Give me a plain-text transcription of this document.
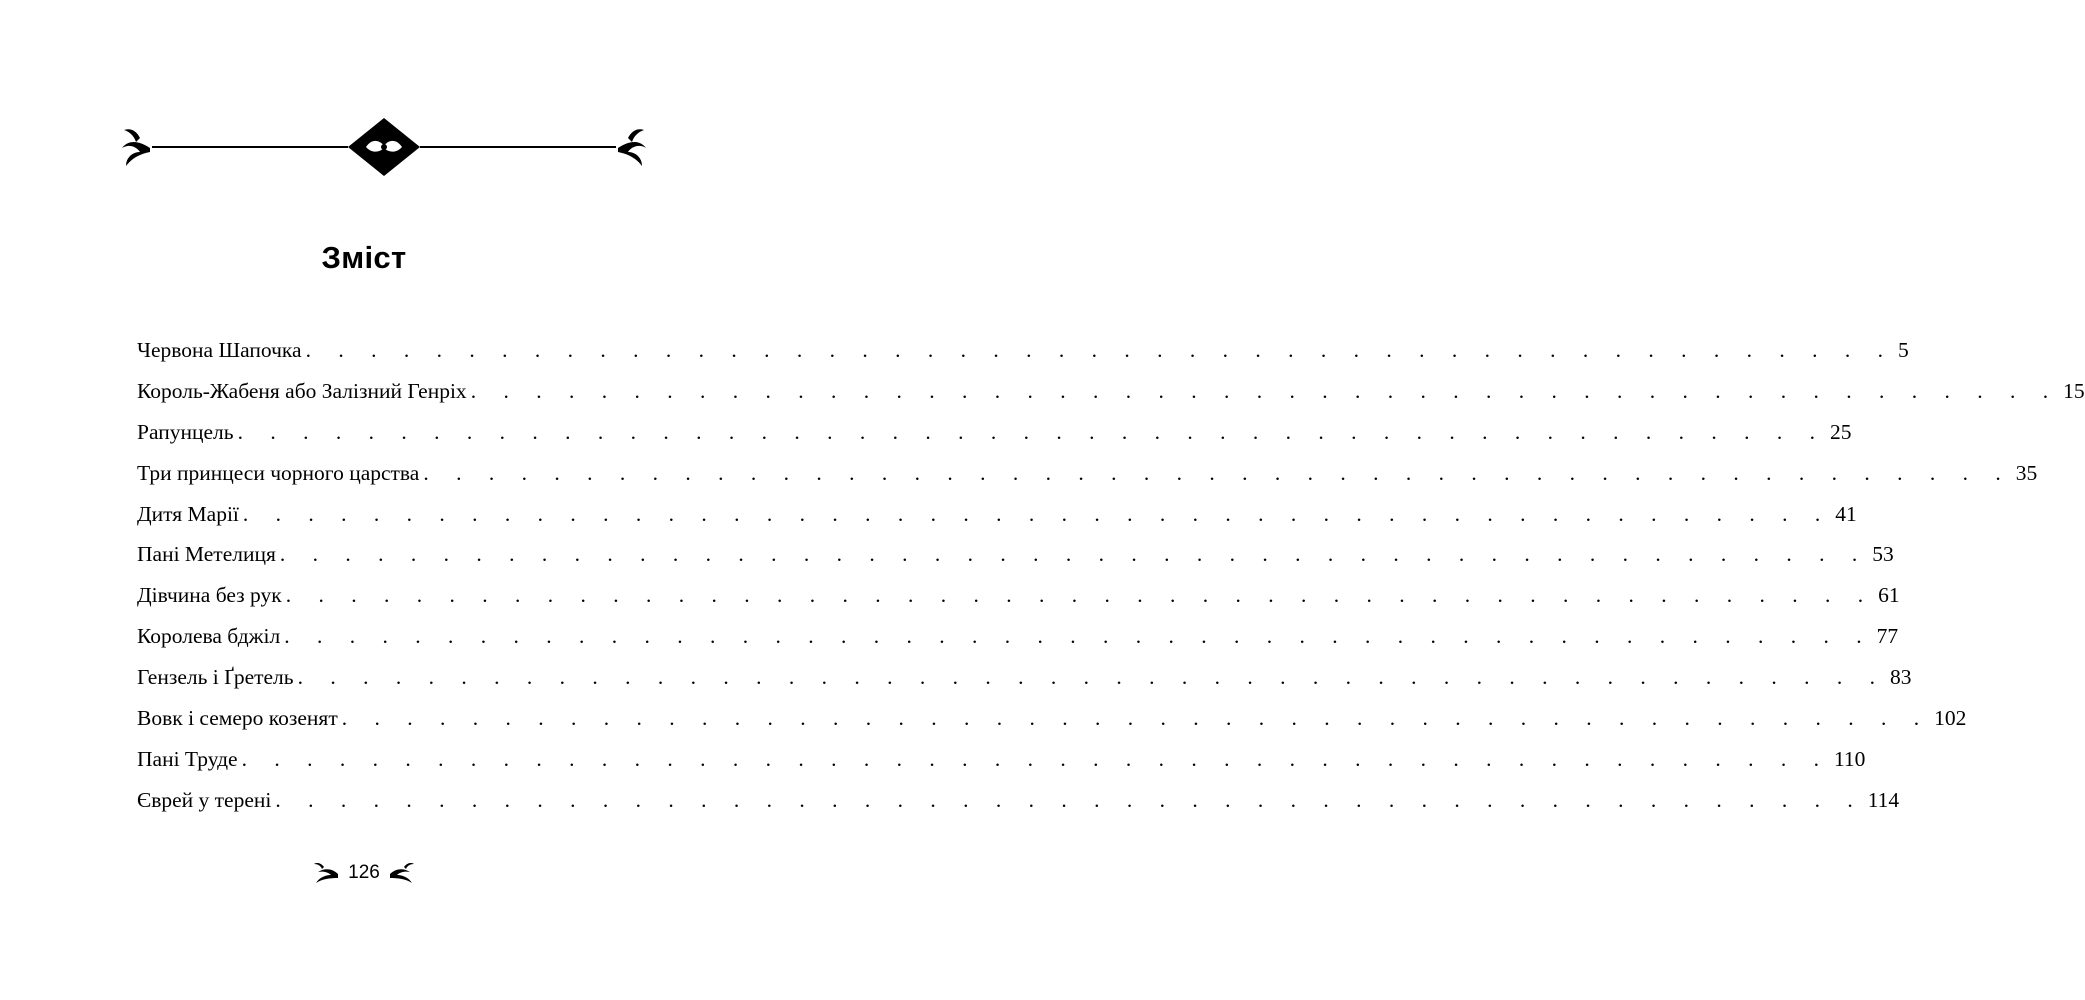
Зміст
Червона Шапочка . . . . . . . . . . . . . . . . . . . . . . . . . . . . . . . . . . . . . . . . . . . . . . . . . 5
Король-Жабеня або Залізний Генріх . . . . . . . . . . . . . . . . . . . . . . . . . . . . . . . . . . . . . . . . . . . . . . . . . 15
Рапунцель . . . . . . . . . . . . . . . . . . . . . . . . . . . . . . . . . . . . . . . . . . . . . . . . . 25
Три принцеси чорного царства . . . . . . . . . . . . . . . . . . . . . . . . . . . . . . . . . . . . . . . . . . . . . . . . . 35
Дитя Марії . . . . . . . . . . . . . . . . . . . . . . . . . . . . . . . . . . . . . . . . . . . . . . . . . 41
Пані Метелиця . . . . . . . . . . . . . . . . . . . . . . . . . . . . . . . . . . . . . . . . . . . . . . . . . 53
Дівчина без рук . . . . . . . . . . . . . . . . . . . . . . . . . . . . . . . . . . . . . . . . . . . . . . . . . 61
Королева бджіл . . . . . . . . . . . . . . . . . . . . . . . . . . . . . . . . . . . . . . . . . . . . . . . . . 77
Гензель і Ґретель . . . . . . . . . . . . . . . . . . . . . . . . . . . . . . . . . . . . . . . . . . . . . . . . . 83
Вовк і семеро козенят . . . . . . . . . . . . . . . . . . . . . . . . . . . . . . . . . . . . . . . . . . . . . . . . . 102
Пані Труде . . . . . . . . . . . . . . . . . . . . . . . . . . . . . . . . . . . . . . . . . . . . . . . . . 110
Єврей у терені . . . . . . . . . . . . . . . . . . . . . . . . . . . . . . . . . . . . . . . . . . . . . . . . . 114
126
